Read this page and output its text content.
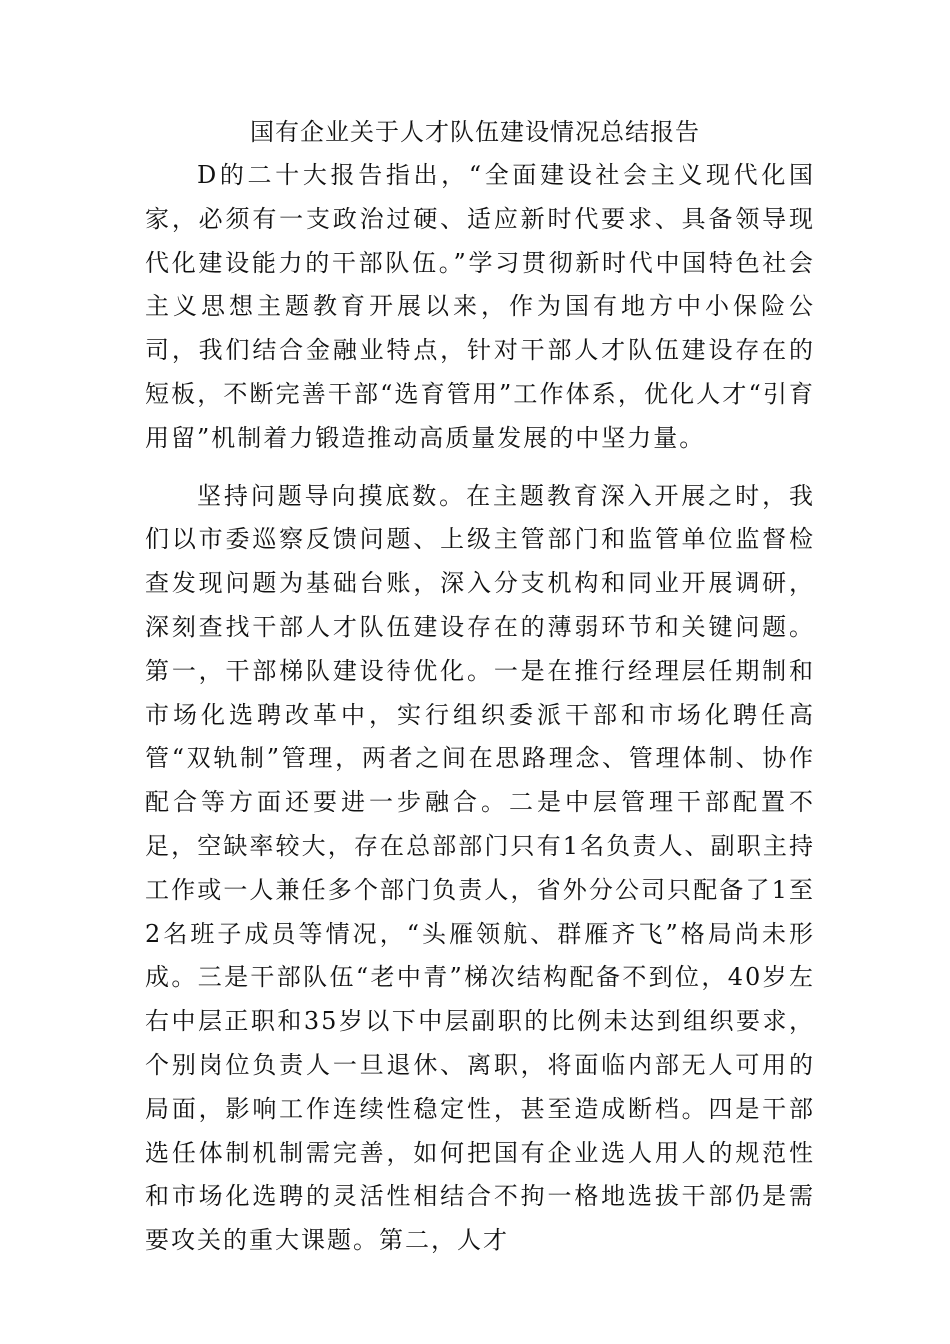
国有企业关于人才队伍建设情况总结报告

D的二十大报告指出，“全面建设社会主义现代化国家，必须有一支政治过硬、适应新时代要求、具备领导现代化建设能力的干部队伍。”学习贯彻新时代中国特色社会主义思想主题教育开展以来，作为国有地方中小保险公司，我们结合金融业特点，针对干部人才队伍建设存在的短板，不断完善干部“选育管用”工作体系，优化人才“引育用留”机制着力锻造推动高质量发展的中坚力量。

坚持问题导向摸底数。在主题教育深入开展之时，我们以市委巡察反馈问题、上级主管部门和监管单位监督检查发现问题为基础台账，深入分支机构和同业开展调研，深刻查找干部人才队伍建设存在的薄弱环节和关键问题。第一，干部梯队建设待优化。一是在推行经理层任期制和市场化选聘改革中，实行组织委派干部和市场化聘任高管“双轨制”管理，两者之间在思路理念、管理体制、协作配合等方面还要进一步融合。二是中层管理干部配置不足，空缺率较大，存在总部部门只有1名负责人、副职主持工作或一人兼任多个部门负责人，省外分公司只配备了1至2名班子成员等情况，“头雁领航、群雁齐飞”格局尚未形成。三是干部队伍“老中青”梯次结构配备不到位，40岁左右中层正职和35岁以下中层副职的比例未达到组织要求，个别岗位负责人一旦退休、离职，将面临内部无人可用的局面，影响工作连续性稳定性，甚至造成断档。四是干部选任体制机制需完善，如何把国有企业选人用人的规范性和市场化选聘的灵活性相结合不拘一格地选拔干部仍是需要攻关的重大课题。第二，人才
